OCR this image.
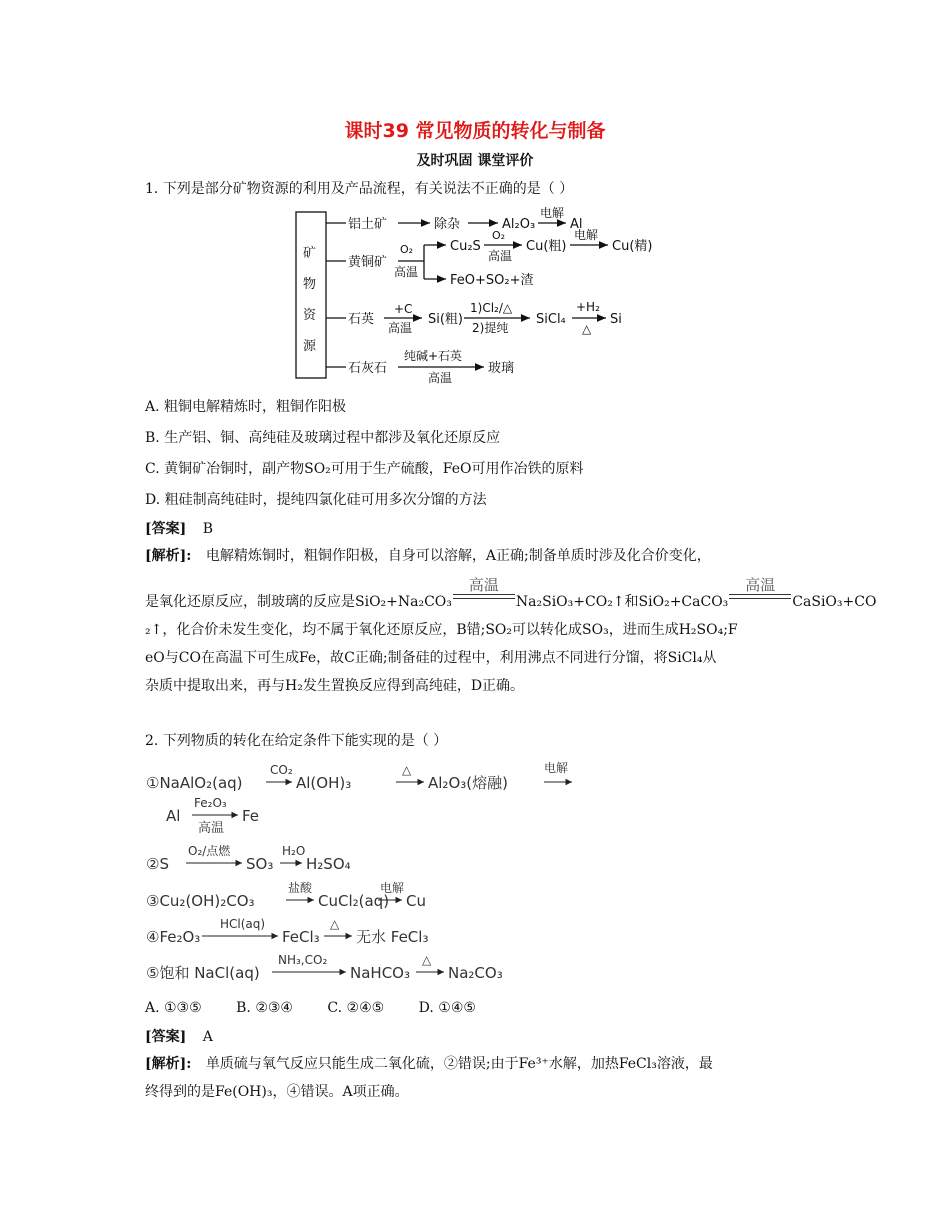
课时39 常见物质的转化与制备
及时巩固 课堂评价
1. 下列是部分矿物资源的利用及产品流程，有关说法不正确的是（ ）
矿
物
资
源
铝土矿	除杂	Al₂O₃
电解
Al
黄铜矿
O₂
高温
Cu₂S
O₂
高温
Cu(粗)
电解
Cu(精)
FeO+SO₂+渣
石英
+C
高温
Si(粗)
1)Cl₂/△
2)提纯
SiCl₄
+H₂
△
Si
石灰石
纯碱+石英
高温
玻璃
A. 粗铜电解精炼时，粗铜作阳极
B. 生产铝、铜、高纯硅及玻璃过程中都涉及氧化还原反应
C. 黄铜矿冶铜时，副产物SO₂可用于生产硫酸，FeO可用作冶铁的原料
D. 粗硅制高纯硅时，提纯四氯化硅可用多次分馏的方法
[答案] B
[解析]: 电解精炼铜时，粗铜作阳极，自身可以溶解，A正确;制备单质时涉及化合价变化，
是氧化还原反应，制玻璃的反应是SiO₂+Na₂CO₃
高温
Na₂SiO₃+CO₂↑和SiO₂+CaCO₃
高温
CaSiO₃+CO
₂↑，化合价未发生变化，均不属于氧化还原反应，B错;SO₂可以转化成SO₃，进而生成H₂SO₄;F
eO与CO在高温下可生成Fe，故C正确;制备硅的过程中，利用沸点不同进行分馏，将SiCl₄从
杂质中提取出来，再与H₂发生置换反应得到高纯硅，D正确。
2. 下列物质的转化在给定条件下能实现的是（ ）
①NaAlO₂(aq)
CO₂
Al(OH)₃
△
Al₂O₃(熔融)
电解
Al
Fe₂O₃
高温
Fe
②S
O₂/点燃
SO₃
H₂O
H₂SO₄
③Cu₂(OH)₂CO₃
盐酸
CuCl₂(aq)
电解
Cu
④Fe₂O₃
HCl(aq)
FeCl₃
△
无水 FeCl₃
⑤饱和 NaCl(aq)
NH₃,CO₂
NaHCO₃
△
Na₂CO₃
A. ①③⑤ B. ②③④ C. ②④⑤ D. ①④⑤
[答案] A
[解析]: 单质硫与氧气反应只能生成二氧化硫，②错误;由于Fe³⁺水解，加热FeCl₃溶液，最
终得到的是Fe(OH)₃，④错误。A项正确。
